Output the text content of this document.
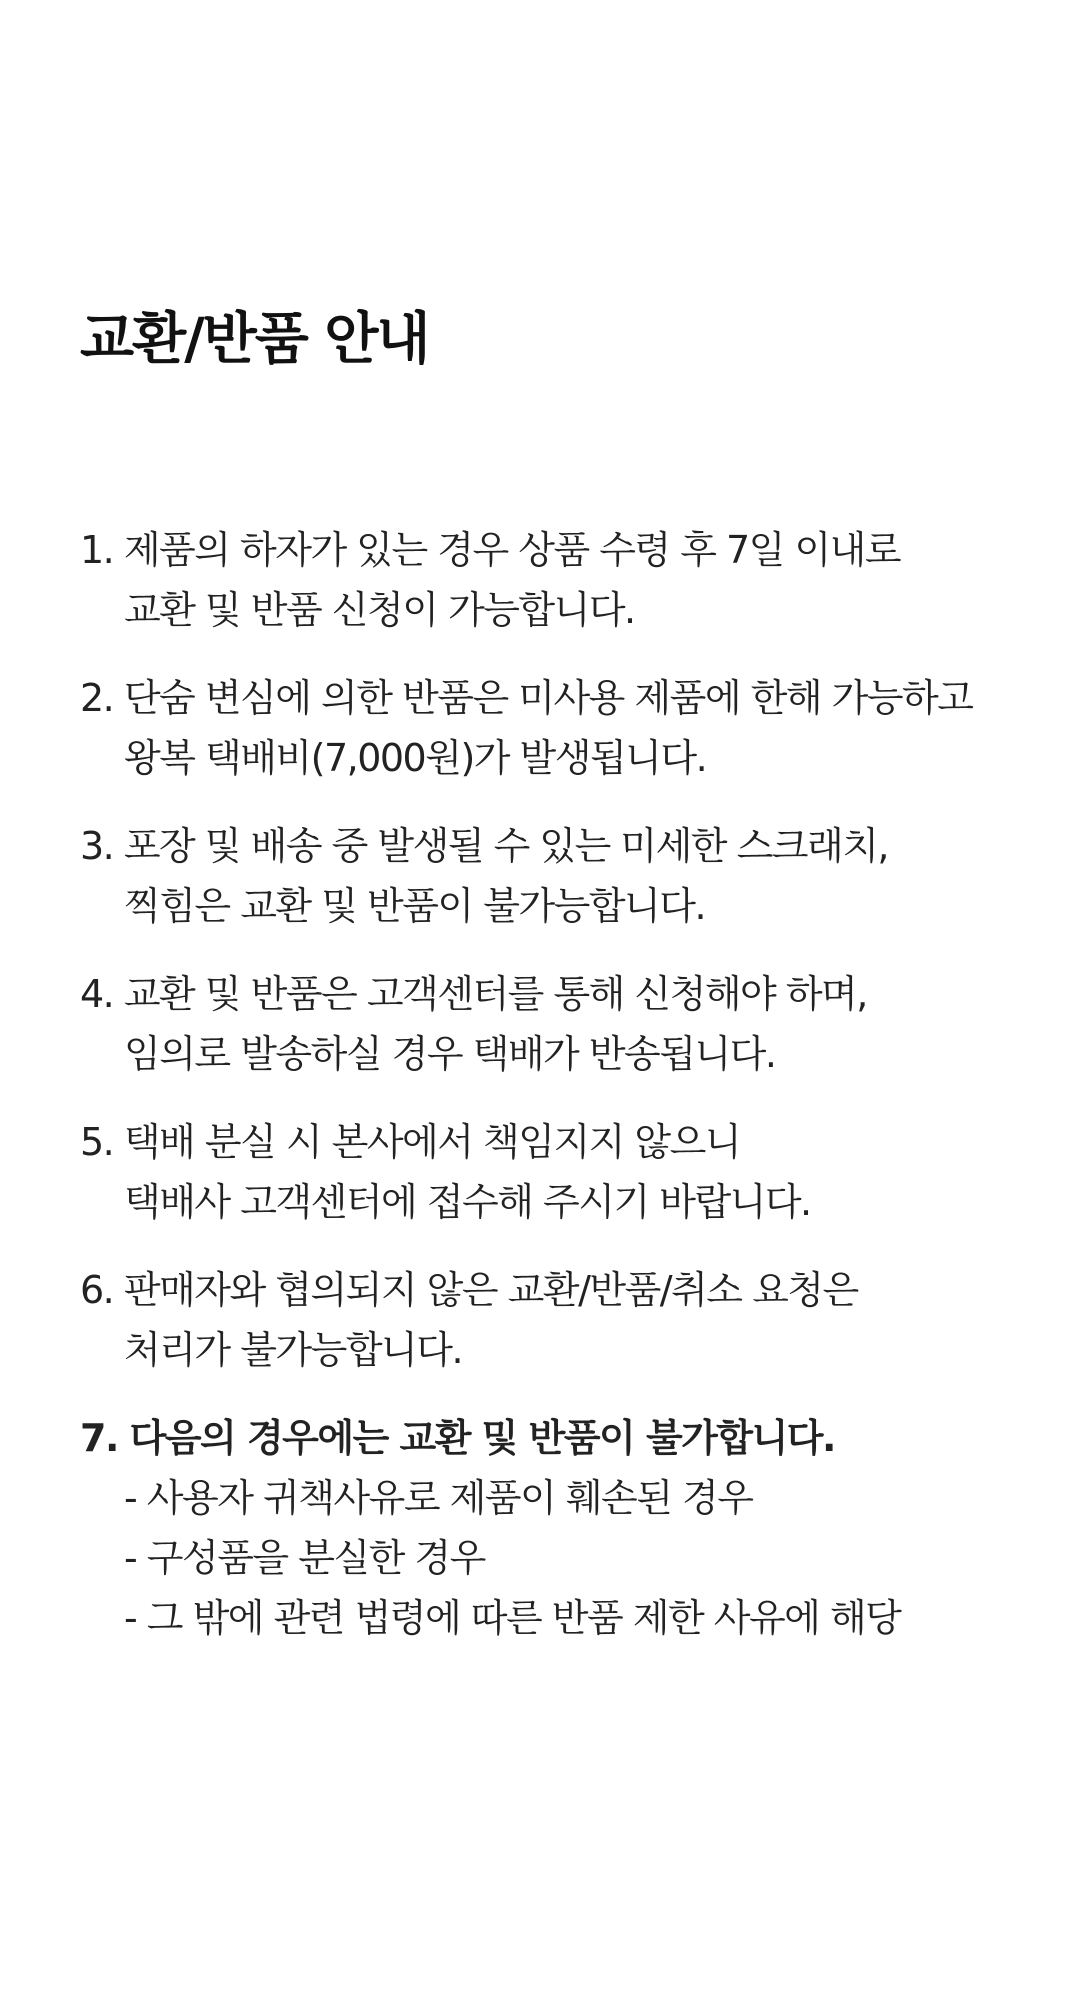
교환/반품 안내
1. 제품의 하자가 있는 경우 상품 수령 후 7일 이내로
교환 및 반품 신청이 가능합니다.
2. 단숨 변심에 의한 반품은 미사용 제품에 한해 가능하고
왕복 택배비(7,000원)가 발생됩니다.
3. 포장 및 배송 중 발생될 수 있는 미세한 스크래치,
찍힘은 교환 및 반품이 불가능합니다.
4. 교환 및 반품은 고객센터를 통해 신청해야 하며,
임의로 발송하실 경우 택배가 반송됩니다.
5. 택배 분실 시 본사에서 책임지지 않으니
택배사 고객센터에 접수해 주시기 바랍니다.
6. 판매자와 협의되지 않은 교환/반품/취소 요청은
처리가 불가능합니다.
7. 다음의 경우에는 교환 및 반품이 불가합니다.
- 사용자 귀책사유로 제품이 훼손된 경우
- 구성품을 분실한 경우
- 그 밖에 관련 법령에 따른 반품 제한 사유에 해당
